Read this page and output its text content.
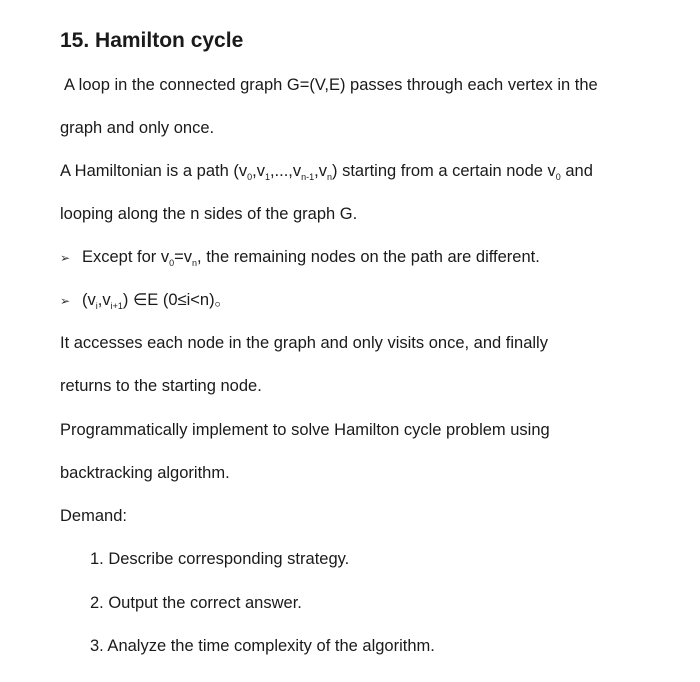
15. Hamilton cycle
A loop in the connected graph G=(V,E) passes through each vertex in the
graph and only once.
A Hamiltonian is a path $(v_0,v_1,...,v_{n-1},v_n)$ starting from a certain node $v_0$ and
looping along the n sides of the graph G.
➢ Except for $v_0=v_n$, the remaining nodes on the path are different.
➢ $(v_i,v_{i+1})$ ∈E (0≤i<n)。
It accesses each node in the graph and only visits once, and finally
returns to the starting node.
Programmatically implement to solve Hamilton cycle problem using
backtracking algorithm.
Demand:
1. Describe corresponding strategy.
2. Output the correct answer.
3. Analyze the time complexity of the algorithm.
